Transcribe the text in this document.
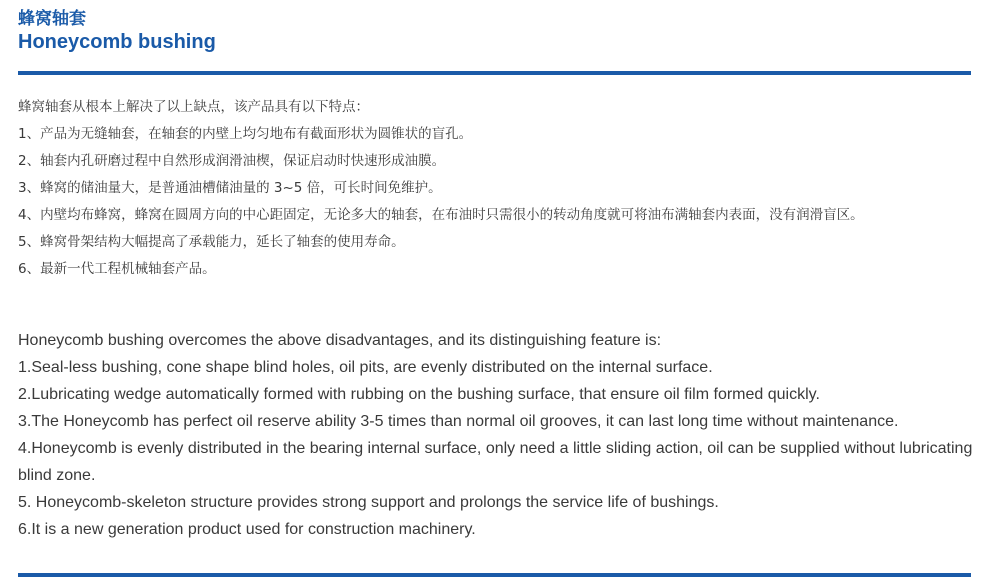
蜂窝轴套
Honeycomb bushing

蜂窝轴套从根本上解决了以上缺点，该产品具有以下特点：

1、产品为无缝轴套，在轴套的内壁上均匀地布有截面形状为圆锥状的盲孔。

2、轴套内孔研磨过程中自然形成润滑油楔，保证启动时快速形成油膜。

3、蜂窝的储油量大，是普通油槽储油量的 3~5 倍，可长时间免维护。

4、内壁均布蜂窝，蜂窝在圆周方向的中心距固定，无论多大的轴套，在布油时只需很小的转动角度就可将油布满轴套内表面，没有润滑盲区。

5、蜂窝骨架结构大幅提高了承载能力，延长了轴套的使用寿命。

6、最新一代工程机械轴套产品。

Honeycomb bushing overcomes the above disadvantages, and its distinguishing feature is:

1.Seal-less bushing, cone shape blind holes, oil pits, are evenly distributed on the internal surface.

2.Lubricating wedge automatically formed with rubbing on the bushing surface, that ensure oil film formed quickly.

3.The Honeycomb has perfect oil reserve ability 3-5 times than normal oil grooves, it can last long time without maintenance.

4.Honeycomb is evenly distributed in the bearing internal surface, only need a little sliding action, oil can be supplied without lubricating blind zone.

5. Honeycomb-skeleton structure provides strong support and prolongs the service life of bushings.

6.It is a new generation product used for construction machinery.
